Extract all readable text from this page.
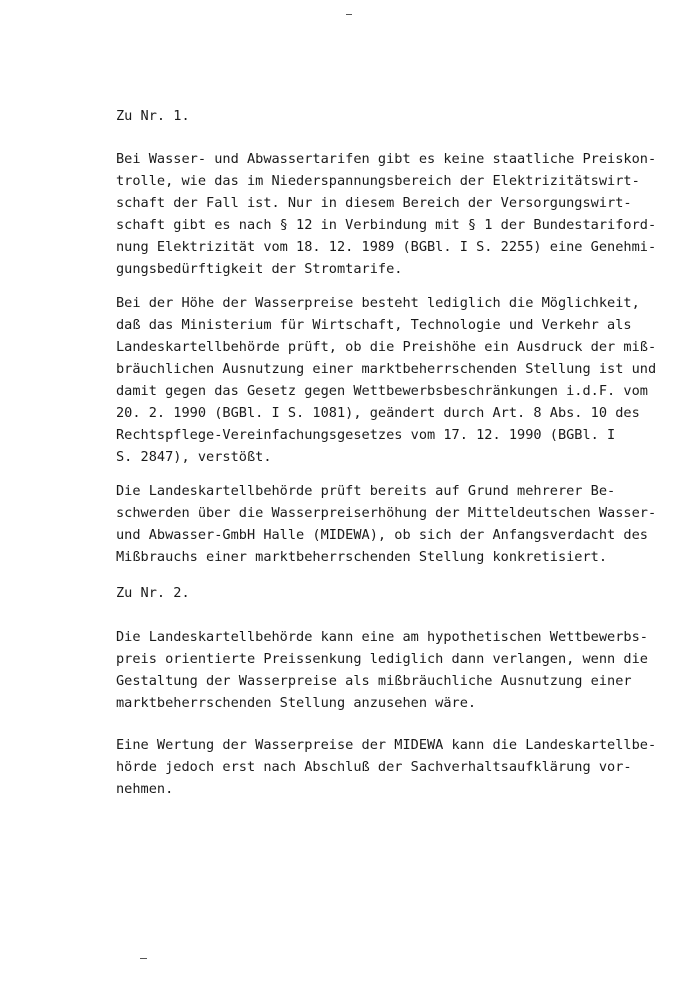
Zu Nr. 1.
Bei Wasser- und Abwassertarifen gibt es keine staatliche Preiskon-
trolle, wie das im Niederspannungsbereich der Elektrizitätswirt-
schaft der Fall ist. Nur in diesem Bereich der Versorgungswirt-
schaft gibt es nach § 12 in Verbindung mit § 1 der Bundestariford-
nung Elektrizität vom 18. 12. 1989 (BGBl. I S. 2255) eine Genehmi-
gungsbedürftigkeit der Stromtarife.
Bei der Höhe der Wasserpreise besteht lediglich die Möglichkeit,
daß das Ministerium für Wirtschaft, Technologie und Verkehr als
Landeskartellbehörde prüft, ob die Preishöhe ein Ausdruck der miß-
bräuchlichen Ausnutzung einer marktbeherrschenden Stellung ist und
damit gegen das Gesetz gegen Wettbewerbsbeschränkungen i.d.F. vom
20. 2. 1990 (BGBl. I S. 1081), geändert durch Art. 8 Abs. 10 des
Rechtspflege-Vereinfachungsgesetzes vom 17. 12. 1990 (BGBl. I
S. 2847), verstößt.
Die Landeskartellbehörde prüft bereits auf Grund mehrerer Be-
schwerden über die Wasserpreiserhöhung der Mitteldeutschen Wasser-
und Abwasser-GmbH Halle (MIDEWA), ob sich der Anfangsverdacht des
Mißbrauchs einer marktbeherrschenden Stellung konkretisiert.
Zu Nr. 2.
Die Landeskartellbehörde kann eine am hypothetischen Wettbewerbs-
preis orientierte Preissenkung lediglich dann verlangen, wenn die
Gestaltung der Wasserpreise als mißbräuchliche Ausnutzung einer
marktbeherrschenden Stellung anzusehen wäre.
Eine Wertung der Wasserpreise der MIDEWA kann die Landeskartellbe-
hörde jedoch erst nach Abschluß der Sachverhaltsaufklärung vor-
nehmen.
